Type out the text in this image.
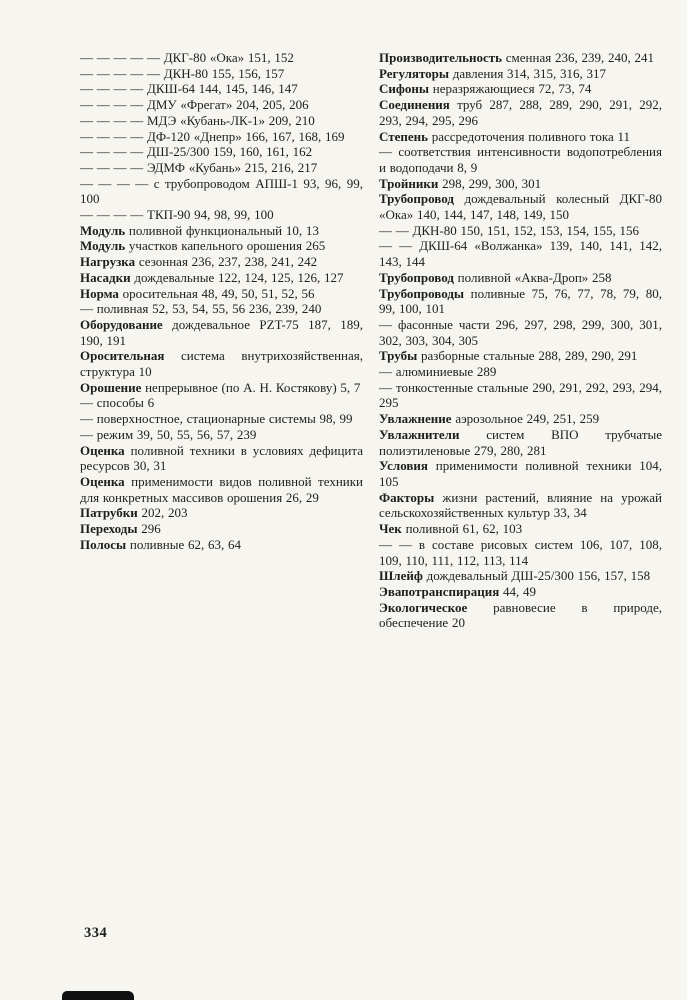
— — — — — ДКГ-80 «Ока» 151, 152

— — — — — ДКН-80 155, 156, 157

— — — — ДКШ-64 144, 145, 146, 147

— — — — ДМУ «Фрегат» 204, 205, 206

— — — — МДЭ «Кубань-ЛК-1» 209, 210

— — — — ДФ-120 «Днепр» 166, 167, 168, 169

— — — — ДШ-25/300 159, 160, 161, 162

— — — — ЭДМФ «Кубань» 215, 216, 217

— — — — с трубопроводом АПШ-1 93, 96, 99, 100

— — — — ТКП-90 94, 98, 99, 100

Модуль поливной функциональный 10, 13

Модуль участков капельного орошения 265

Нагрузка сезонная 236, 237, 238, 241, 242

Насадки дождевальные 122, 124, 125, 126, 127

Норма оросительная 48, 49, 50, 51, 52, 56

— поливная 52, 53, 54, 55, 56 236, 239, 240

Оборудование дождевальное PZT-75 187, 189, 190, 191

Оросительная система внутрихозяйственная, структура 10

Орошение непрерывное (по А. Н. Костякову) 5, 7

— способы 6

— поверхностное, стационарные системы 98, 99

— режим 39, 50, 55, 56, 57, 239

Оценка поливной техники в условиях дефицита ресурсов 30, 31

Оценка применимости видов поливной техники для конкретных массивов орошения 26, 29

Патрубки 202, 203

Переходы 296

Полосы поливные 62, 63, 64

Производительность сменная 236, 239, 240, 241

Регуляторы давления 314, 315, 316, 317

Сифоны неразряжающиеся 72, 73, 74

Соединения труб 287, 288, 289, 290, 291, 292, 293, 294, 295, 296

Степень рассредоточения поливного тока 11

— соответствия интенсивности водопотребления и водоподачи 8, 9

Тройники 298, 299, 300, 301

Трубопровод дождевальный колесный ДКГ-80 «Ока» 140, 144, 147, 148, 149, 150

— — ДКН-80 150, 151, 152, 153, 154, 155, 156

— — ДКШ-64 «Волжанка» 139, 140, 141, 142, 143, 144

Трубопровод поливной «Аква-Дроп» 258

Трубопроводы поливные 75, 76, 77, 78, 79, 80, 99, 100, 101

— фасонные части 296, 297, 298, 299, 300, 301, 302, 303, 304, 305

Трубы разборные стальные 288, 289, 290, 291

— алюминиевые 289

— тонкостенные стальные 290, 291, 292, 293, 294, 295

Увлажнение аэрозольное 249, 251, 259

Увлажнители систем ВПО трубчатые полиэтиленовые 279, 280, 281

Условия применимости поливной техники 104, 105

Факторы жизни растений, влияние на урожай сельскохозяйственных культур 33, 34

Чек поливной 61, 62, 103

— — в составе рисовых систем 106, 107, 108, 109, 110, 111, 112, 113, 114

Шлейф дождевальный ДШ-25/300 156, 157, 158

Эвапотранспирация 44, 49

Экологическое равновесие в природе, обеспечение 20

334
